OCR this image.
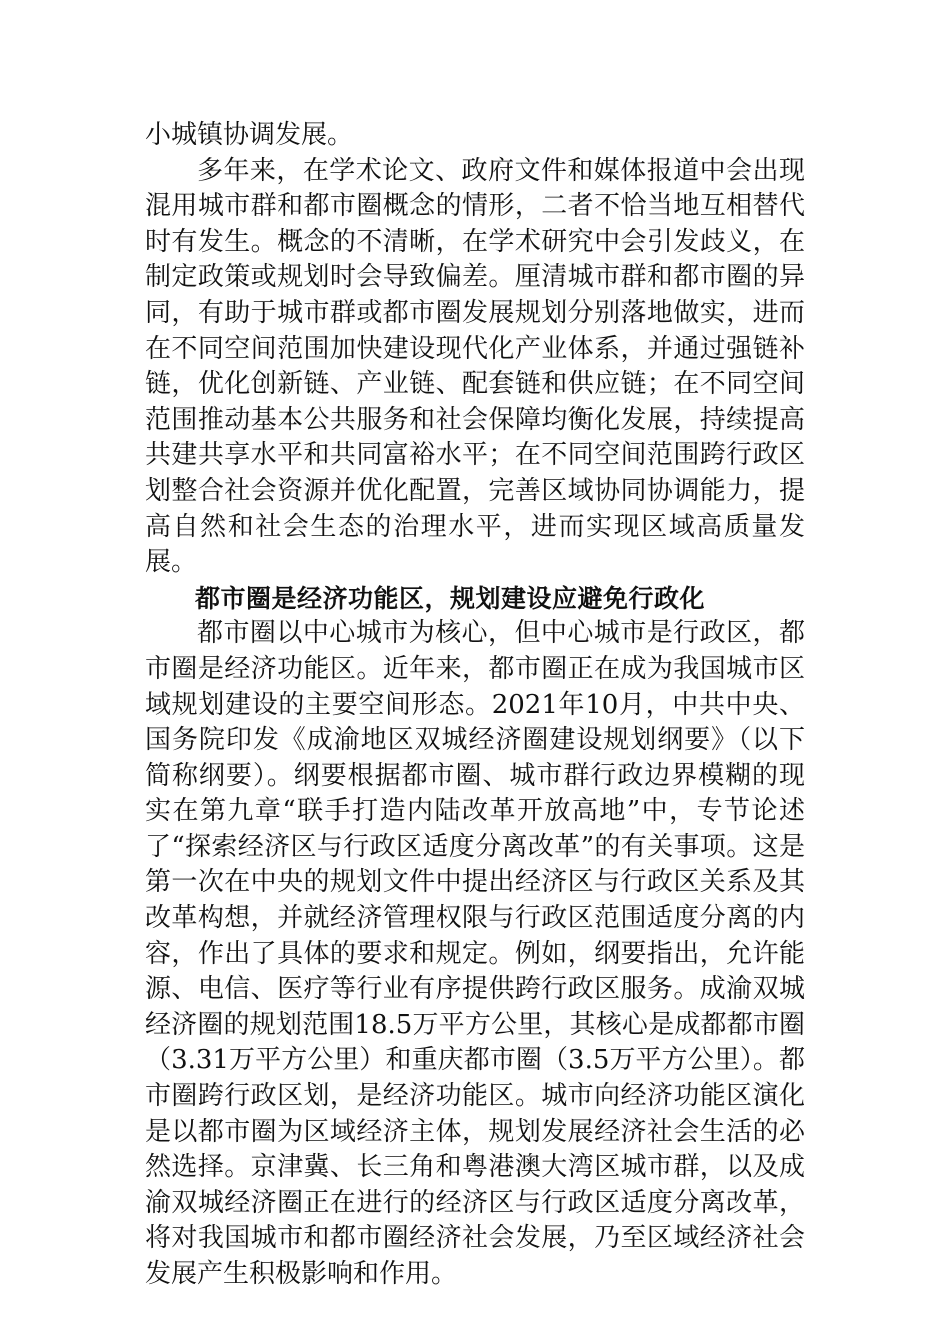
小城镇协调发展。

多年来，在学术论文、政府文件和媒体报道中会出现混用城市群和都市圈概念的情形，二者不恰当地互相替代时有发生。概念的不清晰，在学术研究中会引发歧义，在制定政策或规划时会导致偏差。厘清城市群和都市圈的异同，有助于城市群或都市圈发展规划分别落地做实，进而在不同空间范围加快建设现代化产业体系，并通过强链补链，优化创新链、产业链、配套链和供应链；在不同空间范围推动基本公共服务和社会保障均衡化发展，持续提高共建共享水平和共同富裕水平；在不同空间范围跨行政区划整合社会资源并优化配置，完善区域协同协调能力，提高自然和社会生态的治理水平，进而实现区域高质量发展。

都市圈是经济功能区，规划建设应避免行政化

都市圈以中心城市为核心，但中心城市是行政区，都市圈是经济功能区。近年来，都市圈正在成为我国城市区域规划建设的主要空间形态。2021年10月，中共中央、国务院印发《成渝地区双城经济圈建设规划纲要》（以下简称纲要）。纲要根据都市圈、城市群行政边界模糊的现实在第九章“联手打造内陆改革开放高地”中，专节论述了“探索经济区与行政区适度分离改革”的有关事项。这是第一次在中央的规划文件中提出经济区与行政区关系及其改革构想，并就经济管理权限与行政区范围适度分离的内容，作出了具体的要求和规定。例如，纲要指出，允许能源、电信、医疗等行业有序提供跨行政区服务。成渝双城经济圈的规划范围18.5万平方公里，其核心是成都都市圈（3.31万平方公里）和重庆都市圈（3.5万平方公里）。都市圈跨行政区划，是经济功能区。城市向经济功能区演化是以都市圈为区域经济主体，规划发展经济社会生活的必然选择。京津冀、长三角和粤港澳大湾区城市群，以及成渝双城经济圈正在进行的经济区与行政区适度分离改革，将对我国城市和都市圈经济社会发展，乃至区域经济社会发展产生积极影响和作用。
